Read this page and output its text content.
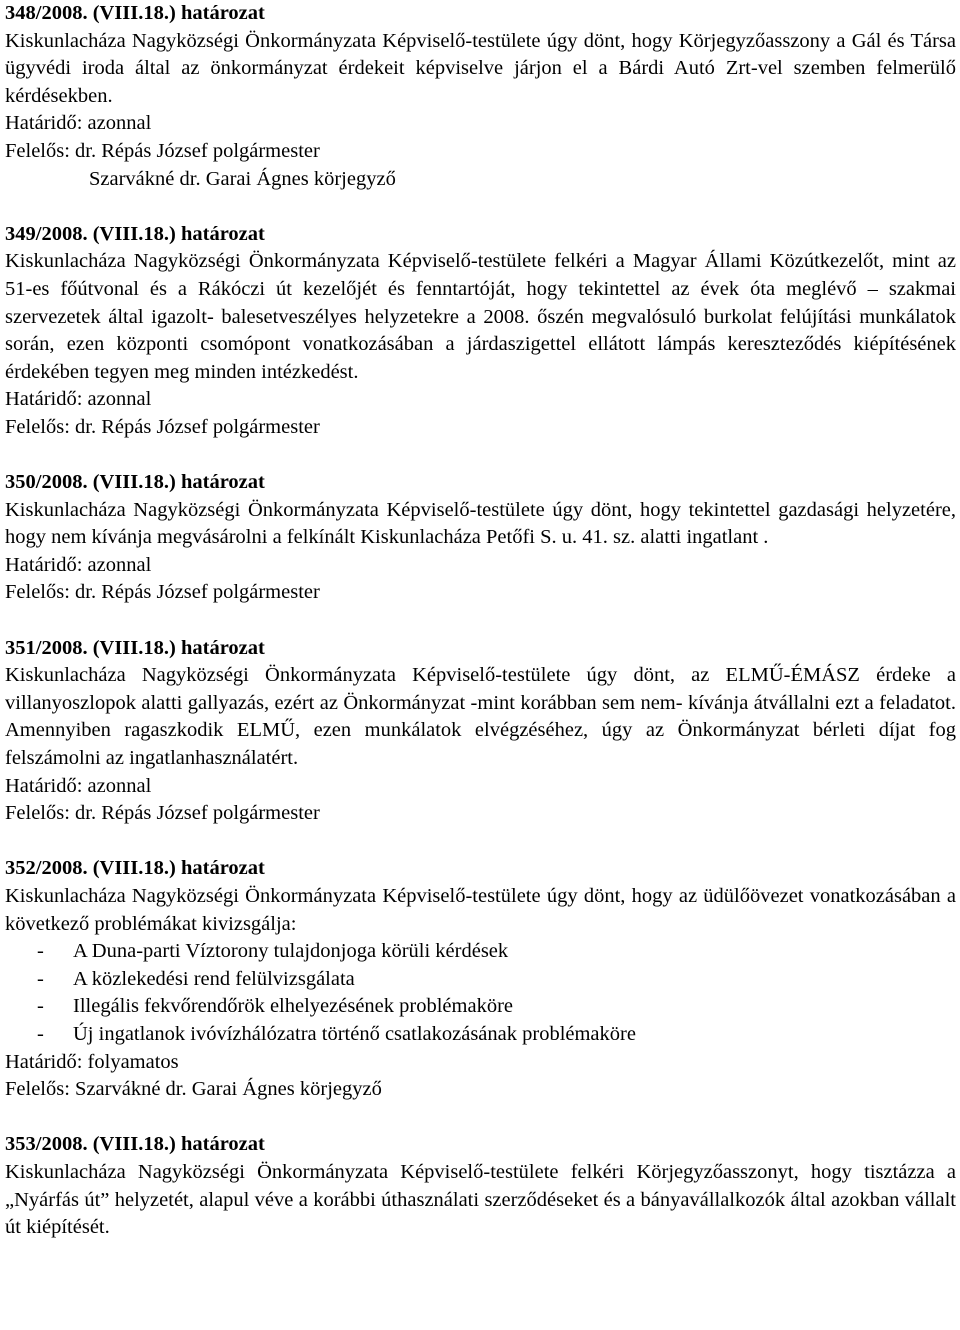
348/2008. (VIII.18.) határozat

Kiskunlacháza Nagyközségi Önkormányzata Képviselő-testülete úgy dönt, hogy Körjegyzőasszony a Gál és Társa ügyvédi iroda által az önkormányzat érdekeit képviselve járjon el a Bárdi Autó Zrt-vel szemben felmerülő kérdésekben.

Határidő: azonnal
Felelős: dr. Répás József polgármester
Szarvákné dr. Garai Ágnes körjegyző
349/2008. (VIII.18.) határozat

Kiskunlacháza Nagyközségi Önkormányzata Képviselő-testülete felkéri a Magyar Állami Közútkezelőt, mint az 51-es főútvonal és a Rákóczi út kezelőjét és fenntartóját, hogy tekintettel az évek óta meglévő – szakmai szervezetek által igazolt- balesetveszélyes helyzetekre a 2008. őszén megvalósuló burkolat felújítási munkálatok során, ezen központi csomópont vonatkozásában a járdaszigettel ellátott lámpás kereszteződés kiépítésének érdekében tegyen meg minden intézkedést.

Határidő: azonnal
Felelős: dr. Répás József polgármester
350/2008. (VIII.18.) határozat

Kiskunlacháza Nagyközségi Önkormányzata Képviselő-testülete úgy dönt, hogy tekintettel gazdasági helyzetére, hogy nem kívánja megvásárolni a felkínált Kiskunlacháza Petőfi S. u. 41. sz. alatti ingatlant .

Határidő: azonnal
Felelős: dr. Répás József polgármester
351/2008. (VIII.18.) határozat

Kiskunlacháza Nagyközségi Önkormányzata Képviselő-testülete úgy dönt, az ELMŰ-ÉMÁSZ érdeke a villanyoszlopok alatti gallyazás, ezért az Önkormányzat -mint korábban sem nem- kívánja átvállalni ezt a feladatot. Amennyiben ragaszkodik ELMŰ, ezen munkálatok elvégzéséhez, úgy az Önkormányzat bérleti díjat fog felszámolni az ingatlanhasználatért.

Határidő: azonnal
Felelős: dr. Répás József polgármester
352/2008. (VIII.18.) határozat

Kiskunlacháza Nagyközségi Önkormányzata Képviselő-testülete úgy dönt, hogy az üdülőövezet vonatkozásában a következő problémákat kivizsgálja:

-	A Duna-parti Víztorony tulajdonjoga körüli kérdések
-	A közlekedési rend felülvizsgálata
-	Illegális fekvőrendőrök elhelyezésének problémaköre
-	Új ingatlanok ivóvízhálózatra történő csatlakozásának problémaköre
Határidő: folyamatos
Felelős: Szarvákné dr. Garai Ágnes körjegyző
353/2008. (VIII.18.) határozat

Kiskunlacháza Nagyközségi Önkormányzata Képviselő-testülete felkéri Körjegyzőasszonyt, hogy tisztázza a „Nyárfás út” helyzetét, alapul véve a korábbi úthasználati szerződéseket és a bányavállalkozók által azokban vállalt út kiépítését.
